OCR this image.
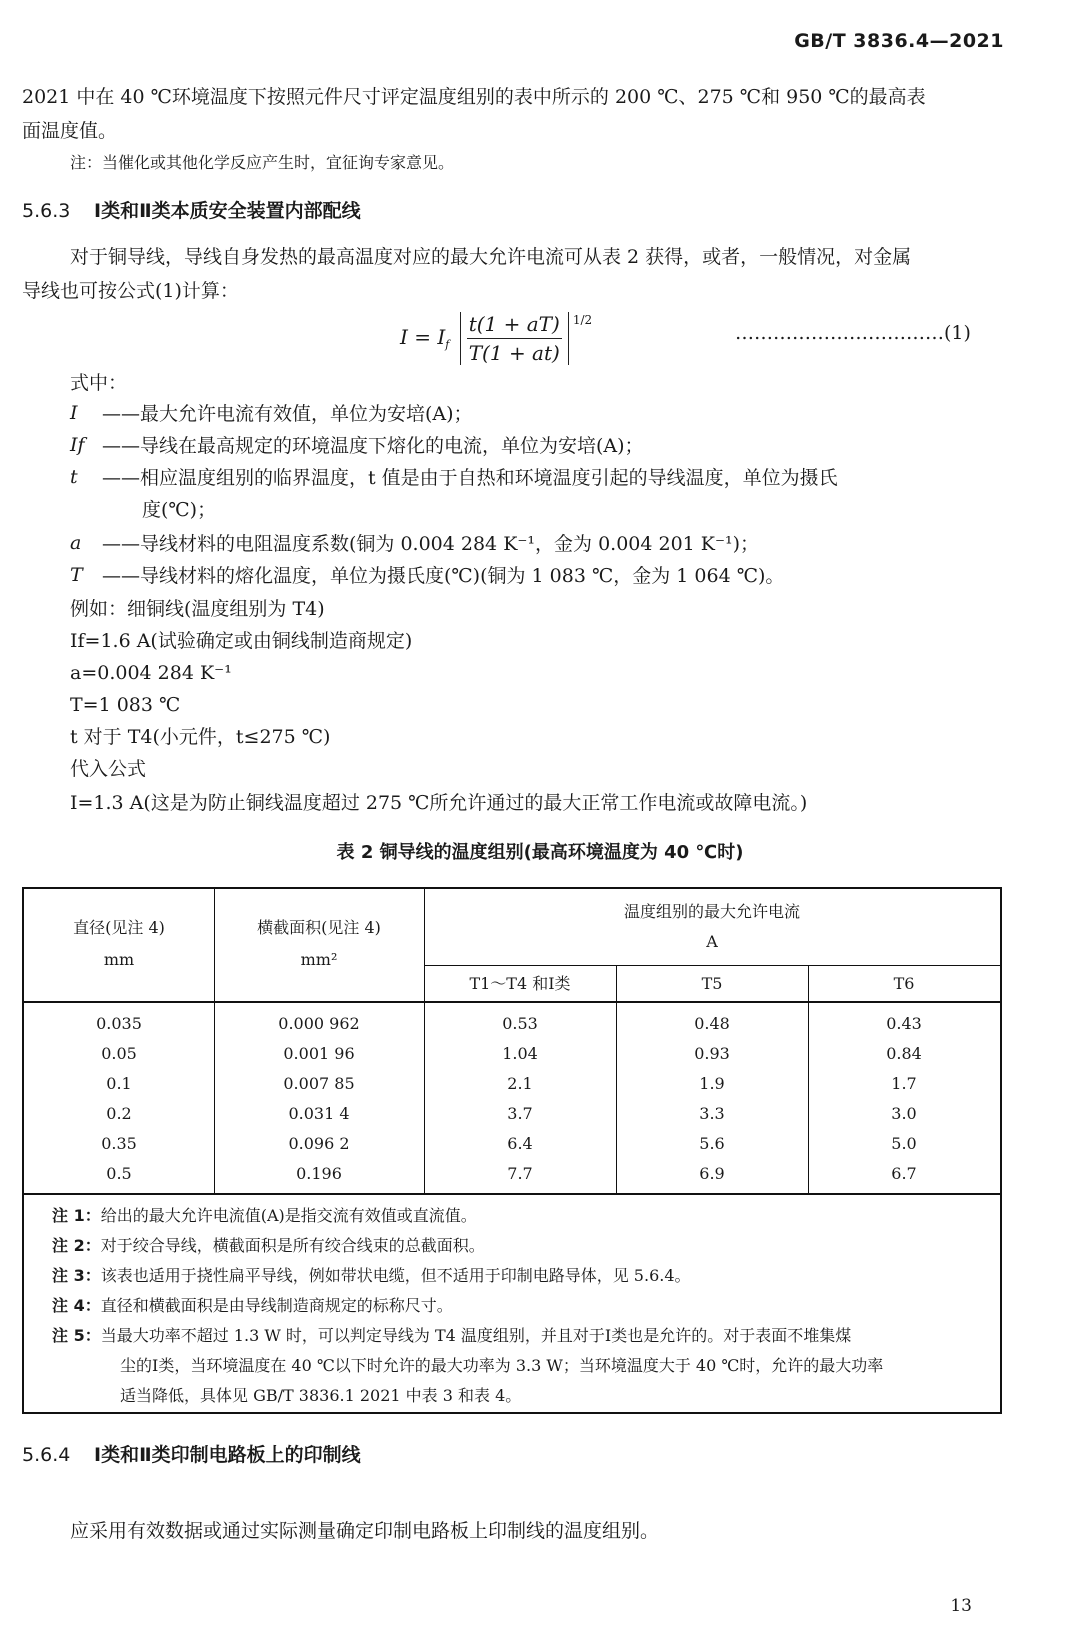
GB/T 3836.4—2021
2021 中在 40 ℃环境温度下按照元件尺寸评定温度组别的表中所示的 200 ℃、275 ℃和 950 ℃的最高表
面温度值。
注：当催化或其他化学反应产生时，宜征询专家意见。
5.6.3 Ⅰ类和Ⅱ类本质安全装置内部配线
对于铜导线，导线自身发热的最高温度对应的最大允许电流可从表 2 获得，或者，一般情况，对金属
导线也可按公式(1)计算：
$I = I_f \frac{t(1 + aT)}{T(1 + at)} ^{1/2}$
……………………………(1)
式中：
I	——最大允许电流有效值，单位为安培(A)；
If ——导线在最高规定的环境温度下熔化的电流，单位为安培(A)；
t	——相应温度组别的临界温度，t 值是由于自热和环境温度引起的导线温度，单位为摄氏
度(℃)；
a	——导线材料的电阻温度系数(铜为 0.004 284 K⁻¹，金为 0.004 201 K⁻¹)；
T	——导线材料的熔化温度，单位为摄氏度(℃)(铜为 1 083 ℃，金为 1 064 ℃)。
例如：细铜线(温度组别为 T4)
If=1.6 A(试验确定或由铜线制造商规定)
a=0.004 284 K⁻¹
T=1 083 ℃
t 对于 T4(小元件，t≤275 ℃)
代入公式
I=1.3 A(这是为防止铜线温度超过 275 ℃所允许通过的最大正常工作电流或故障电流。)
表 2 铜导线的温度组别(最高环境温度为 40 ℃时)
直径(见注 4)
mm
横截面积(见注 4)
mm²
温度组别的最大允许电流
A
T1～T4 和Ⅰ类	T5	T6
0.035	0.000 962	0.53	0.48	0.43
0.05	0.001 96	1.04	0.93	0.84
0.1	0.007 85	2.1	1.9	1.7
0.2	0.031 4	3.7	3.3	3.0
0.35	0.096 2	6.4	5.6	5.0
0.5	0.196	7.7	6.9	6.7
注 1：给出的最大允许电流值(A)是指交流有效值或直流值。
注 2：对于绞合导线，横截面积是所有绞合线束的总截面积。
注 3：该表也适用于挠性扁平导线，例如带状电缆，但不适用于印制电路导体，见 5.6.4。
注 4：直径和横截面积是由导线制造商规定的标称尺寸。
注 5：当最大功率不超过 1.3 W 时，可以判定导线为 T4 温度组别，并且对于Ⅰ类也是允许的。对于表面不堆集煤
尘的Ⅰ类，当环境温度在 40 ℃以下时允许的最大功率为 3.3 W；当环境温度大于 40 ℃时，允许的最大功率
适当降低，具体见 GB/T 3836.1 2021 中表 3 和表 4。
5.6.4 Ⅰ类和Ⅱ类印制电路板上的印制线
应采用有效数据或通过实际测量确定印制电路板上印制线的温度组别。
13
